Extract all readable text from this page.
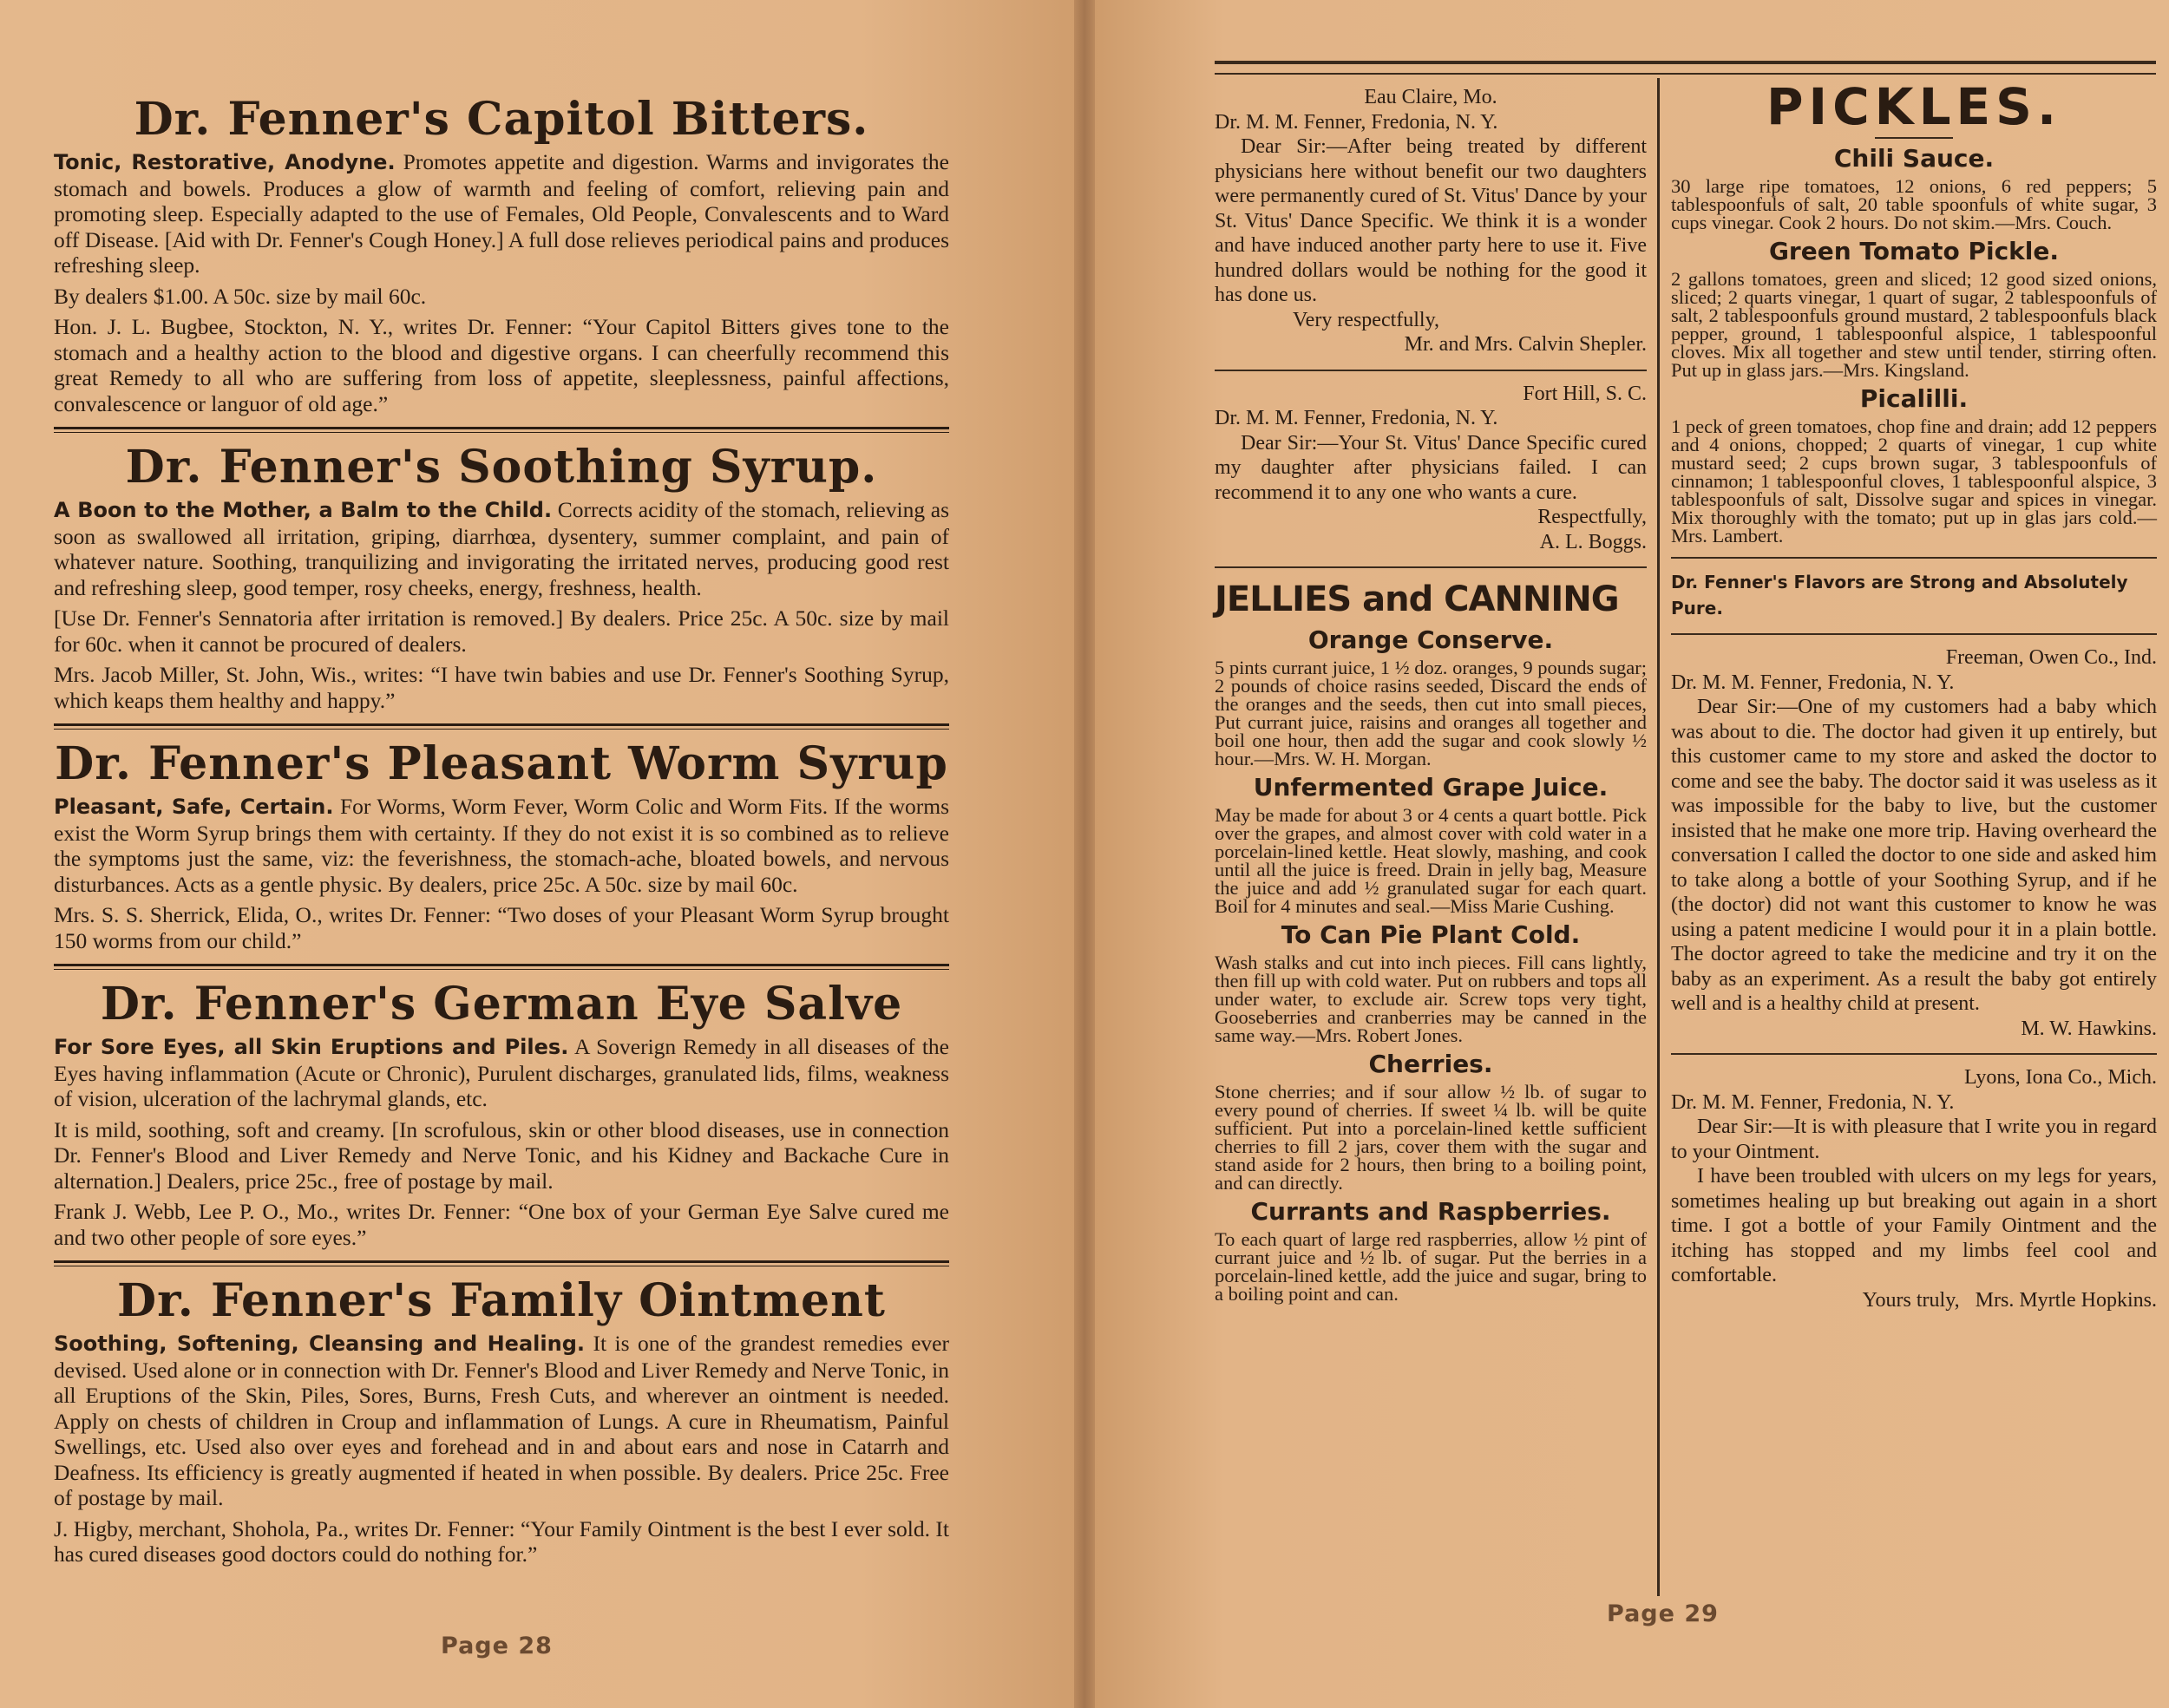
Dr. Fenner's Capitol Bitters.

Tonic, Restorative, Anodyne. Promotes appetite and digestion. Warms and invigorates the stomach and bowels. Produces a glow of warmth and feeling of comfort, relieving pain and promoting sleep. Especially adapted to the use of Females, Old People, Convalescents and to Ward off Disease. [Aid with Dr. Fenner's Cough Honey.] A full dose relieves periodical pains and produces refreshing sleep.

By dealers $1.00. A 50c. size by mail 60c.

Hon. J. L. Bugbee, Stockton, N. Y., writes Dr. Fenner: “Your Capitol Bitters gives tone to the stomach and a healthy action to the blood and digestive organs. I can cheerfully recommend this great Remedy to all who are suffering from loss of appetite, sleeplessness, painful affections, convalescence or languor of old age.”

Dr. Fenner's Soothing Syrup.

A Boon to the Mother, a Balm to the Child. Corrects acidity of the stomach, relieving as soon as swallowed all irritation, griping, diarrhœa, dysentery, summer complaint, and pain of whatever nature. Soothing, tranquilizing and invigorating the irritated nerves, producing good rest and refreshing sleep, good temper, rosy cheeks, energy, freshness, health.

[Use Dr. Fenner's Sennatoria after irritation is removed.] By dealers. Price 25c. A 50c. size by mail for 60c. when it cannot be procured of dealers.

Mrs. Jacob Miller, St. John, Wis., writes: “I have twin babies and use Dr. Fenner's Soothing Syrup, which keaps them healthy and happy.”

Dr. Fenner's Pleasant Worm Syrup

Pleasant, Safe, Certain. For Worms, Worm Fever, Worm Colic and Worm Fits. If the worms exist the Worm Syrup brings them with certainty. If they do not exist it is so combined as to relieve the symptoms just the same, viz: the feverishness, the stomach-ache, bloated bowels, and nervous disturbances. Acts as a gentle physic. By dealers, price 25c. A 50c. size by mail 60c.

Mrs. S. S. Sherrick, Elida, O., writes Dr. Fenner: “Two doses of your Pleasant Worm Syrup brought 150 worms from our child.”

Dr. Fenner's German Eye Salve

For Sore Eyes, all Skin Eruptions and Piles. A Soverign Remedy in all diseases of the Eyes having inflammation (Acute or Chronic), Purulent discharges, granulated lids, films, weakness of vision, ulceration of the lachrymal glands, etc.

It is mild, soothing, soft and creamy. [In scrofulous, skin or other blood diseases, use in connection Dr. Fenner's Blood and Liver Remedy and Nerve Tonic, and his Kidney and Backache Cure in alternation.] Dealers, price 25c., free of postage by mail.

Frank J. Webb, Lee P. O., Mo., writes Dr. Fenner: “One box of your German Eye Salve cured me and two other people of sore eyes.”

Dr. Fenner's Family Ointment

Soothing, Softening, Cleansing and Healing. It is one of the grandest remedies ever devised. Used alone or in connection with Dr. Fenner's Blood and Liver Remedy and Nerve Tonic, in all Eruptions of the Skin, Piles, Sores, Burns, Fresh Cuts, and wherever an ointment is needed. Apply on chests of children in Croup and inflammation of Lungs. A cure in Rheumatism, Painful Swellings, etc. Used also over eyes and forehead and in and about ears and nose in Catarrh and Deafness. Its efficiency is greatly augmented if heated in when possible. By dealers. Price 25c. Free of postage by mail.

J. Higby, merchant, Shohola, Pa., writes Dr. Fenner: “Your Family Ointment is the best I ever sold. It has cured diseases good doctors could do nothing for.”

Page 28

Eau Claire, Mo.

Dr. M. M. Fenner, Fredonia, N. Y.

Dear Sir:—After being treated by different physicians here without benefit our two daughters were permanently cured of St. Vitus' Dance by your St. Vitus' Dance Specific. We think it is a wonder and have induced another party here to use it. Five hundred dollars would be nothing for the good it has done us.

Very respectfully,

Mr. and Mrs. Calvin Shepler.

Fort Hill, S. C.

Dr. M. M. Fenner, Fredonia, N. Y.

Dear Sir:—Your St. Vitus' Dance Specific cured my daughter after physicians failed. I can recommend it to any one who wants a cure.

Respectfully,

A. L. Boggs.

JELLIES and CANNING
Orange Conserve.

5 pints currant juice, 1 ½ doz. oranges, 9 pounds sugar; 2 pounds of choice rasins seeded, Discard the ends of the oranges and the seeds, then cut into small pieces, Put currant juice, raisins and oranges all together and boil one hour, then add the sugar and cook slowly ½ hour.—Mrs. W. H. Morgan.

Unfermented Grape Juice.

May be made for about 3 or 4 cents a quart bottle. Pick over the grapes, and almost cover with cold water in a porcelain-lined kettle. Heat slowly, mashing, and cook until all the juice is freed. Drain in jelly bag, Measure the juice and add ½ granulated sugar for each quart. Boil for 4 minutes and seal.—Miss Marie Cushing.

To Can Pie Plant Cold.

Wash stalks and cut into inch pieces. Fill cans lightly, then fill up with cold water. Put on rubbers and tops all under water, to exclude air. Screw tops very tight, Gooseberries and cranberries may be canned in the same way.—Mrs. Robert Jones.

Cherries.

Stone cherries; and if sour allow ½ lb. of sugar to every pound of cherries. If sweet ¼ lb. will be quite sufficient. Put into a porcelain-lined kettle sufficient cherries to fill 2 jars, cover them with the sugar and stand aside for 2 hours, then bring to a boiling point, and can directly.

Currants and Raspberries.

To each quart of large red raspberries, allow ½ pint of currant juice and ½ lb. of sugar. Put the berries in a porcelain-lined kettle, add the juice and sugar, bring to a boiling point and can.

PICKLES.
Chili Sauce.

30 large ripe tomatoes, 12 onions, 6 red peppers; 5 tablespoonfuls of salt, 20 table spoonfuls of white sugar, 3 cups vinegar. Cook 2 hours. Do not skim.—Mrs. Couch.

Green Tomato Pickle.

2 gallons tomatoes, green and sliced; 12 good sized onions, sliced; 2 quarts vinegar, 1 quart of sugar, 2 tablespoonfuls of salt, 2 tablespoonfuls ground mustard, 2 tablespoonfuls black pepper, ground, 1 tablespoonful alspice, 1 tablespoonful cloves. Mix all together and stew until tender, stirring often. Put up in glass jars.—Mrs. Kingsland.

Picalilli.

1 peck of green tomatoes, chop fine and drain; add 12 peppers and 4 onions, chopped; 2 quarts of vinegar, 1 cup white mustard seed; 2 cups brown sugar, 3 tablespoonfuls of cinnamon; 1 tablespoonful cloves, 1 tablespoonful alspice, 3 tablespoonfuls of salt, Dissolve sugar and spices in vinegar. Mix thoroughly with the tomato; put up in glas jars cold.—Mrs. Lambert.

Dr. Fenner's Flavors are Strong and Absolutely Pure.

Freeman, Owen Co., Ind.

Dr. M. M. Fenner, Fredonia, N. Y.

Dear Sir:—One of my customers had a baby which was about to die. The doctor had given it up entirely, but this customer came to my store and asked the doctor to come and see the baby. The doctor said it was useless as it was impossible for the baby to live, but the customer insisted that he make one more trip. Having overheard the conversation I called the doctor to one side and asked him to take along a bottle of your Soothing Syrup, and if he (the doctor) did not want this customer to know he was using a patent medicine I would pour it in a plain bottle. The doctor agreed to take the medicine and try it on the baby as an experiment. As a result the baby got entirely well and is a healthy child at present.

M. W. Hawkins.

Lyons, Iona Co., Mich.

Dr. M. M. Fenner, Fredonia, N. Y.

Dear Sir:—It is with pleasure that I write you in regard to your Ointment.

I have been troubled with ulcers on my legs for years, sometimes healing up but breaking out again in a short time. I got a bottle of your Family Ointment and the itching has stopped and my limbs feel cool and comfortable.

Yours truly, Mrs. Myrtle Hopkins.

Page 29
